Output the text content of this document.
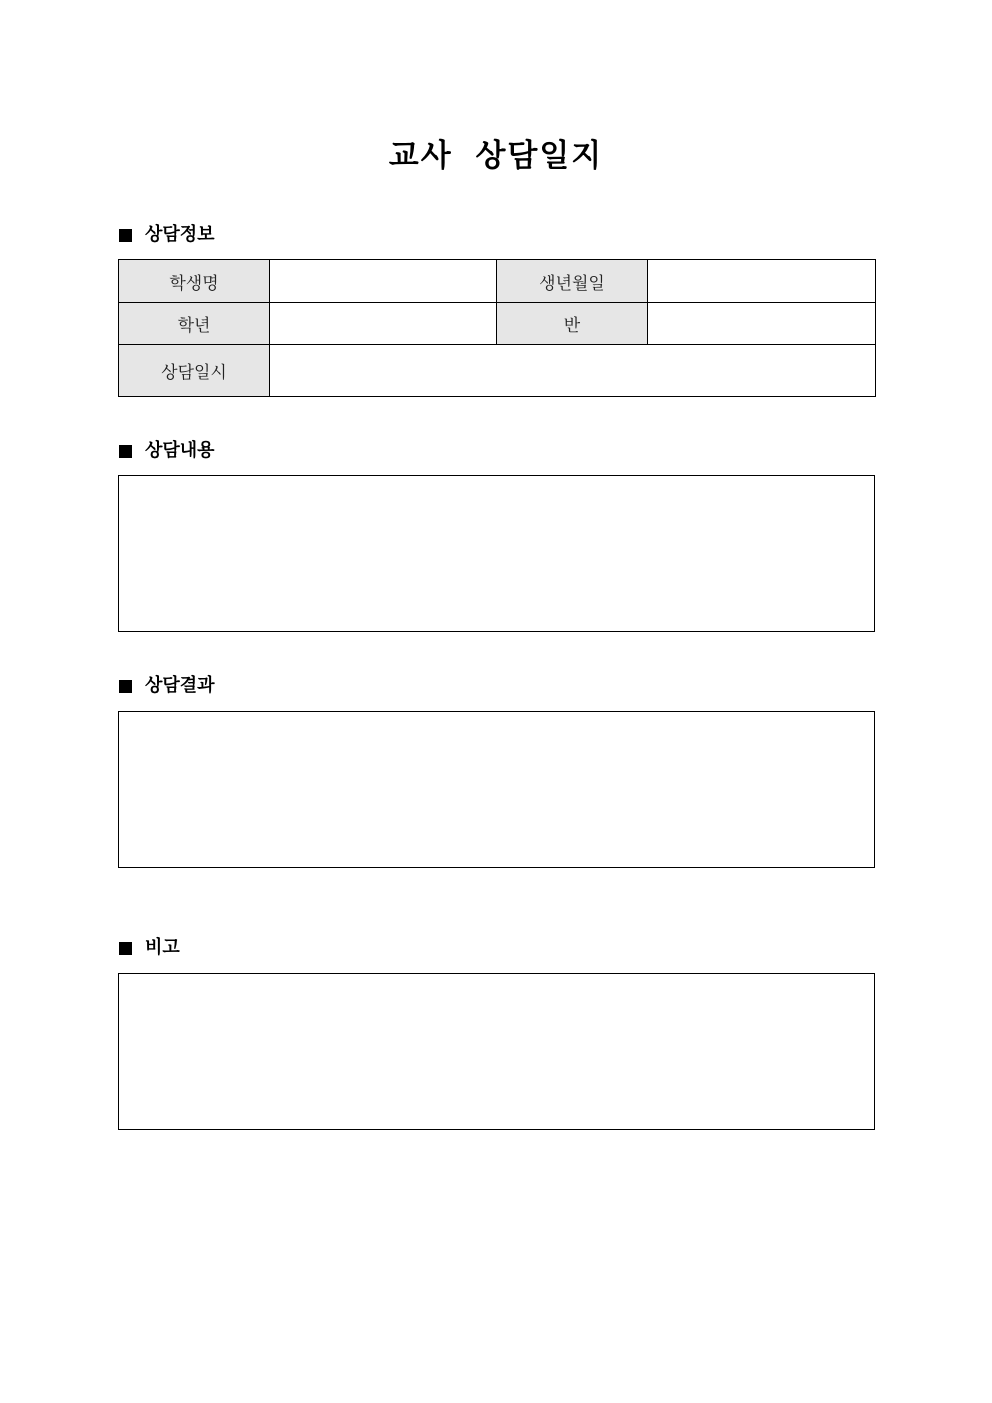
교사 상담일지
상담정보
학생명		생년월일	
학년		반	
상담일시			
상담내용
상담결과
비고
